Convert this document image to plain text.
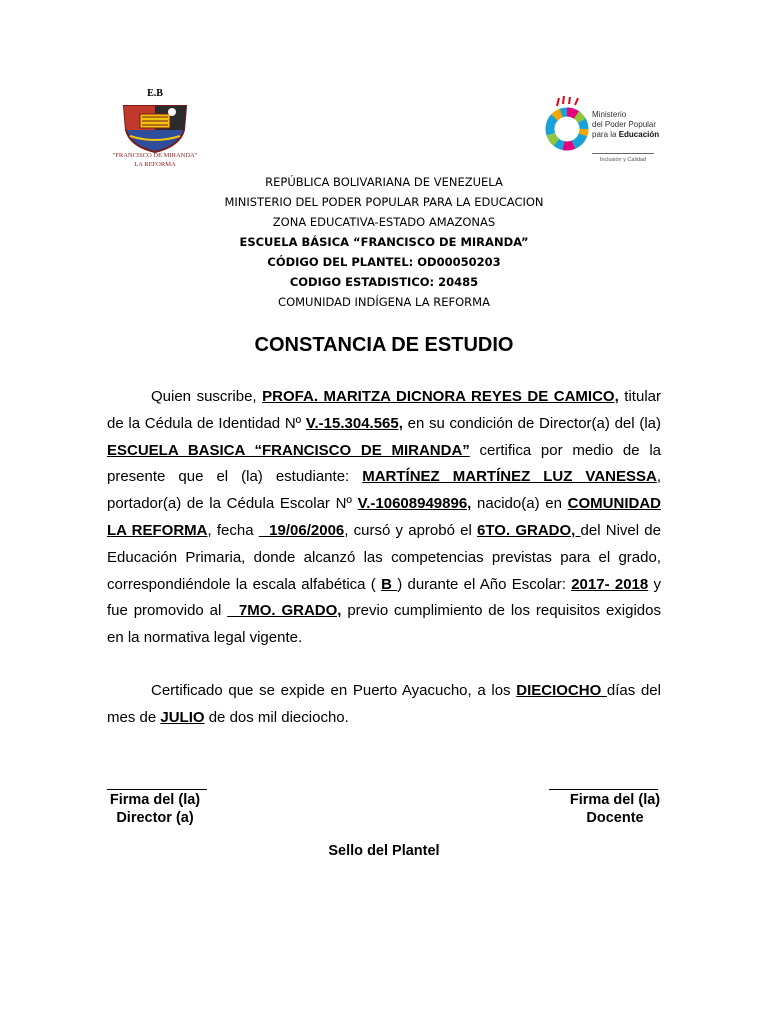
E.B
"FRANCISCO DE MIRANDA"
LA REFORMA
Ministerio
del Poder Popular
para la Educación
Inclusión y Calidad
REPÚBLICA BOLIVARIANA DE VENEZUELA
MINISTERIO DEL PODER POPULAR PARA LA EDUCACION
ZONA EDUCATIVA-ESTADO AMAZONAS
ESCUELA BÁSICA “FRANCISCO DE MIRANDA”
CÓDIGO DEL PLANTEL: OD00050203
CODIGO ESTADISTICO: 20485
COMUNIDAD INDÍGENA LA REFORMA
CONSTANCIA DE ESTUDIO
Quien suscribe, PROFA. MARITZA DICNORA REYES DE CAMICO, titular de la Cédula de Identidad Nº V.-15.304.565, en su condición de Director(a) del (la) ESCUELA BASICA “FRANCISCO DE MIRANDA” certifica por medio de la presente que el (la) estudiante: MARTÍNEZ MARTÍNEZ LUZ VANESSA, portador(a) de la Cédula Escolar Nº V.-10608949896, nacido(a) en COMUNIDAD LA REFORMA, fecha   19/06/2006, cursó y aprobó el 6TO. GRADO, del Nivel de Educación Primaria, donde alcanzó las competencias previstas para el grado, correspondiéndole la escala alfabética ( B ) durante el Año Escolar: 2017- 2018 y fue promovido al   7MO. GRADO, previo cumplimiento de los requisitos exigidos en la normativa legal vigente.
Certificado que se expide en Puerto Ayacucho, a los DIECIOCHO días del mes de JULIO de dos mil dieciocho.
Firma del (la)
Director (a)
Firma del (la)
Docente
Sello del Plantel
